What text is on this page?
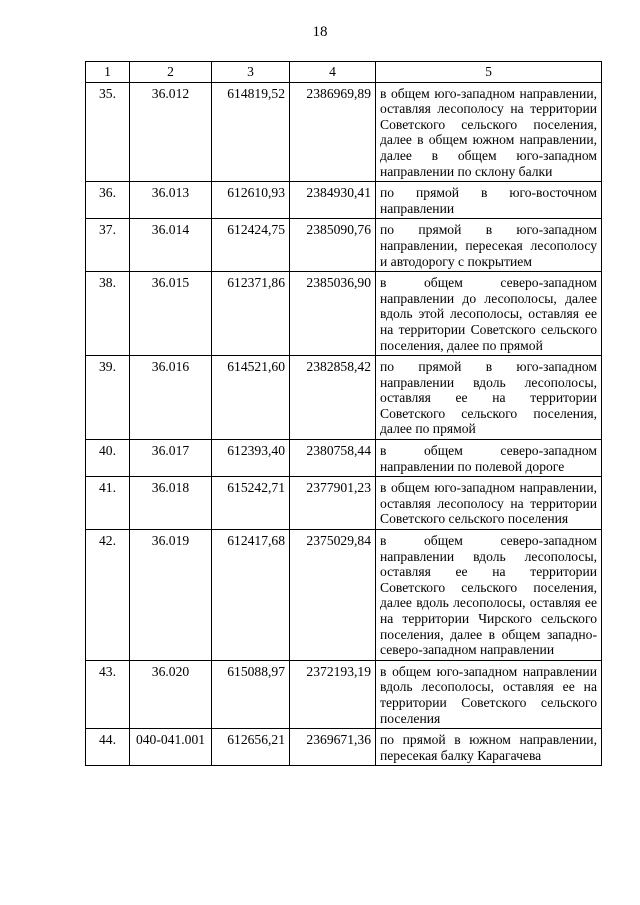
18
1	2	3	4	5
35.	36.012	614819,52	2386969,89	в общем юго-западном направлении, оставляя лесополосу на территории Советского сельского поселения, далее в общем южном направлении, далее в общем юго-западном направлении по склону балки
36.	36.013	612610,93	2384930,41	по прямой в юго-восточном направлении
37.	36.014	612424,75	2385090,76	по прямой в юго-западном направлении, пересекая лесополосу и автодорогу с покрытием
38.	36.015	612371,86	2385036,90	в общем северо-западном направлении до лесополосы, далее вдоль этой лесополосы, оставляя ее на территории Советского сельского поселения, далее по прямой
39.	36.016	614521,60	2382858,42	по прямой в юго-западном направлении вдоль лесополосы, оставляя ее на территории Советского сельского поселения, далее по прямой
40.	36.017	612393,40	2380758,44	в общем северо-западном направлении по полевой дороге
41.	36.018	615242,71	2377901,23	в общем юго-западном направлении, оставляя лесополосу на территории Советского сельского поселения
42.	36.019	612417,68	2375029,84	в общем северо-западном направлении вдоль лесополосы, оставляя ее на территории Советского сельского поселения, далее вдоль лесополосы, оставляя ее на территории Чирского сельского поселения, далее в общем западно-северо-западном направлении
43.	36.020	615088,97	2372193,19	в общем юго-западном направлении вдоль лесополосы, оставляя ее на территории Советского сельского поселения
44.	040-041.001	612656,21	2369671,36	по прямой в южном направлении, пересекая балку Карагачева
